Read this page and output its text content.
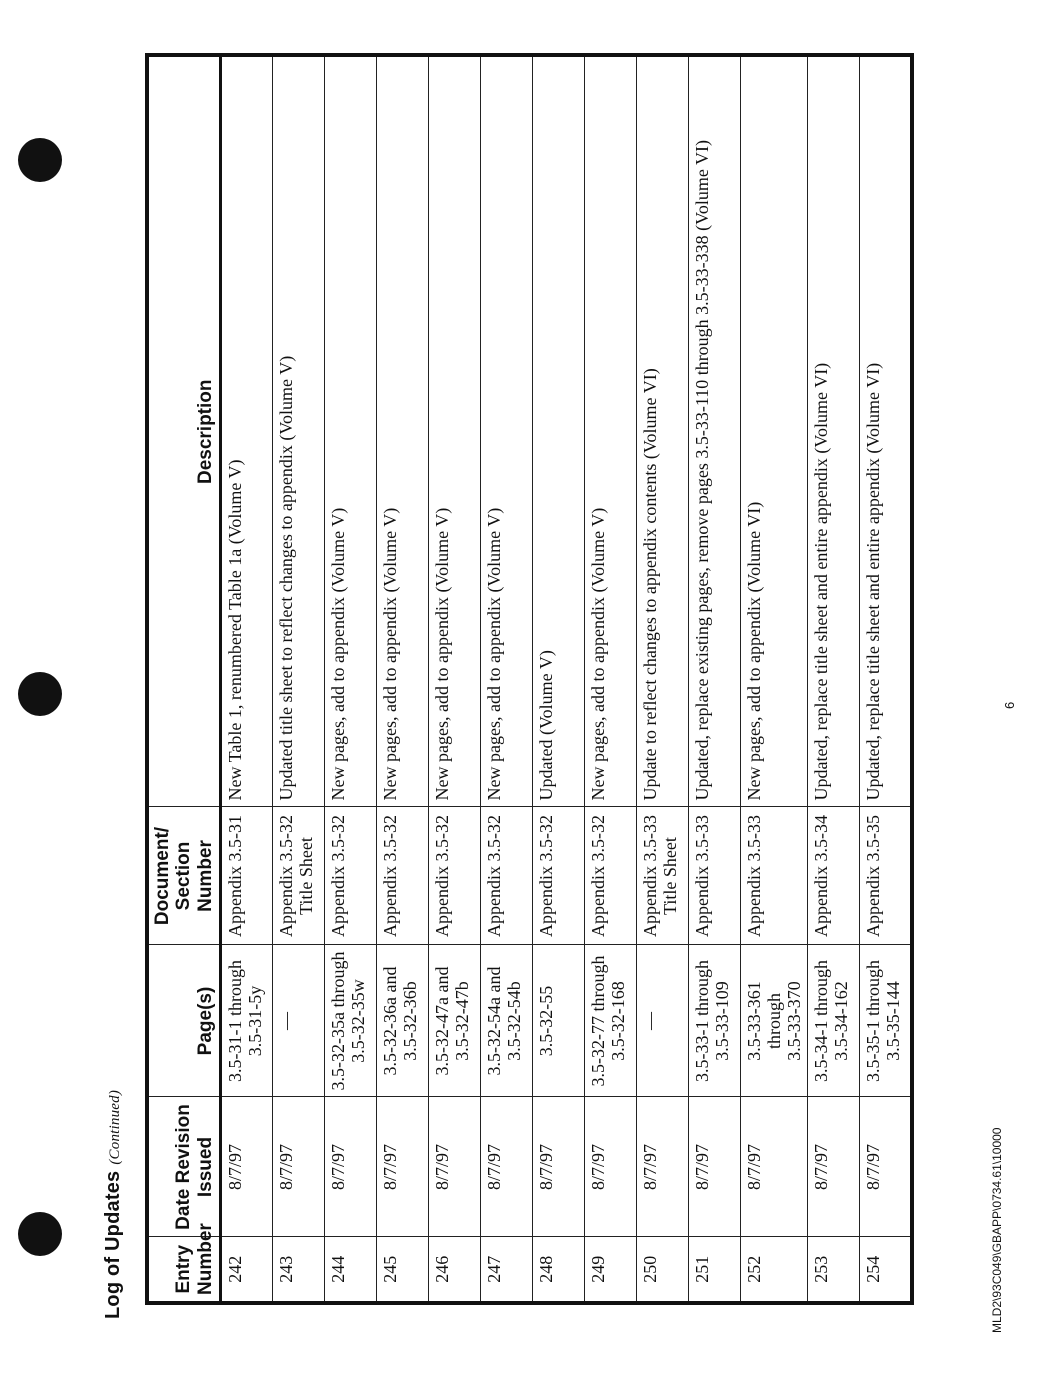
Log of Updates(Continued)
Entry
Number	Date Revision
Issued	Page(s)	Document/
Section Number	Description
242	8/7/97	3.5-31-1 through
3.5-31-5y	Appendix 3.5-31	New Table 1, renumbered Table 1a (Volume V)
243	8/7/97	—	Appendix 3.5-32
Title Sheet	Updated title sheet to reflect changes to appendix (Volume V)
244	8/7/97	3.5-32-35a through
3.5-32-35w	Appendix 3.5-32	New pages, add to appendix (Volume V)
245	8/7/97	3.5-32-36a and
3.5-32-36b	Appendix 3.5-32	New pages, add to appendix (Volume V)
246	8/7/97	3.5-32-47a and
3.5-32-47b	Appendix 3.5-32	New pages, add to appendix (Volume V)
247	8/7/97	3.5-32-54a and
3.5-32-54b	Appendix 3.5-32	New pages, add to appendix (Volume V)
248	8/7/97	3.5-32-55	Appendix 3.5-32	Updated (Volume V)
249	8/7/97	3.5-32-77 through
3.5-32-168	Appendix 3.5-32	New pages, add to appendix (Volume V)
250	8/7/97	—	Appendix 3.5-33
Title Sheet	Update to reflect changes to appendix contents (Volume VI)
251	8/7/97	3.5-33-1 through
3.5-33-109	Appendix 3.5-33	Updated, replace existing pages, remove pages 3.5-33-110 through 3.5-33-338 (Volume VI)
252	8/7/97	3.5-33-361 through
3.5-33-370	Appendix 3.5-33	New pages, add to appendix (Volume VI)
253	8/7/97	3.5-34-1 through
3.5-34-162	Appendix 3.5-34	Updated, replace title sheet and entire appendix (Volume VI)
254	8/7/97	3.5-35-1 through
3.5-35-144	Appendix 3.5-35	Updated, replace title sheet and entire appendix (Volume VI)
MLD2\93C049\GBAPP\0734.61\10000
6
